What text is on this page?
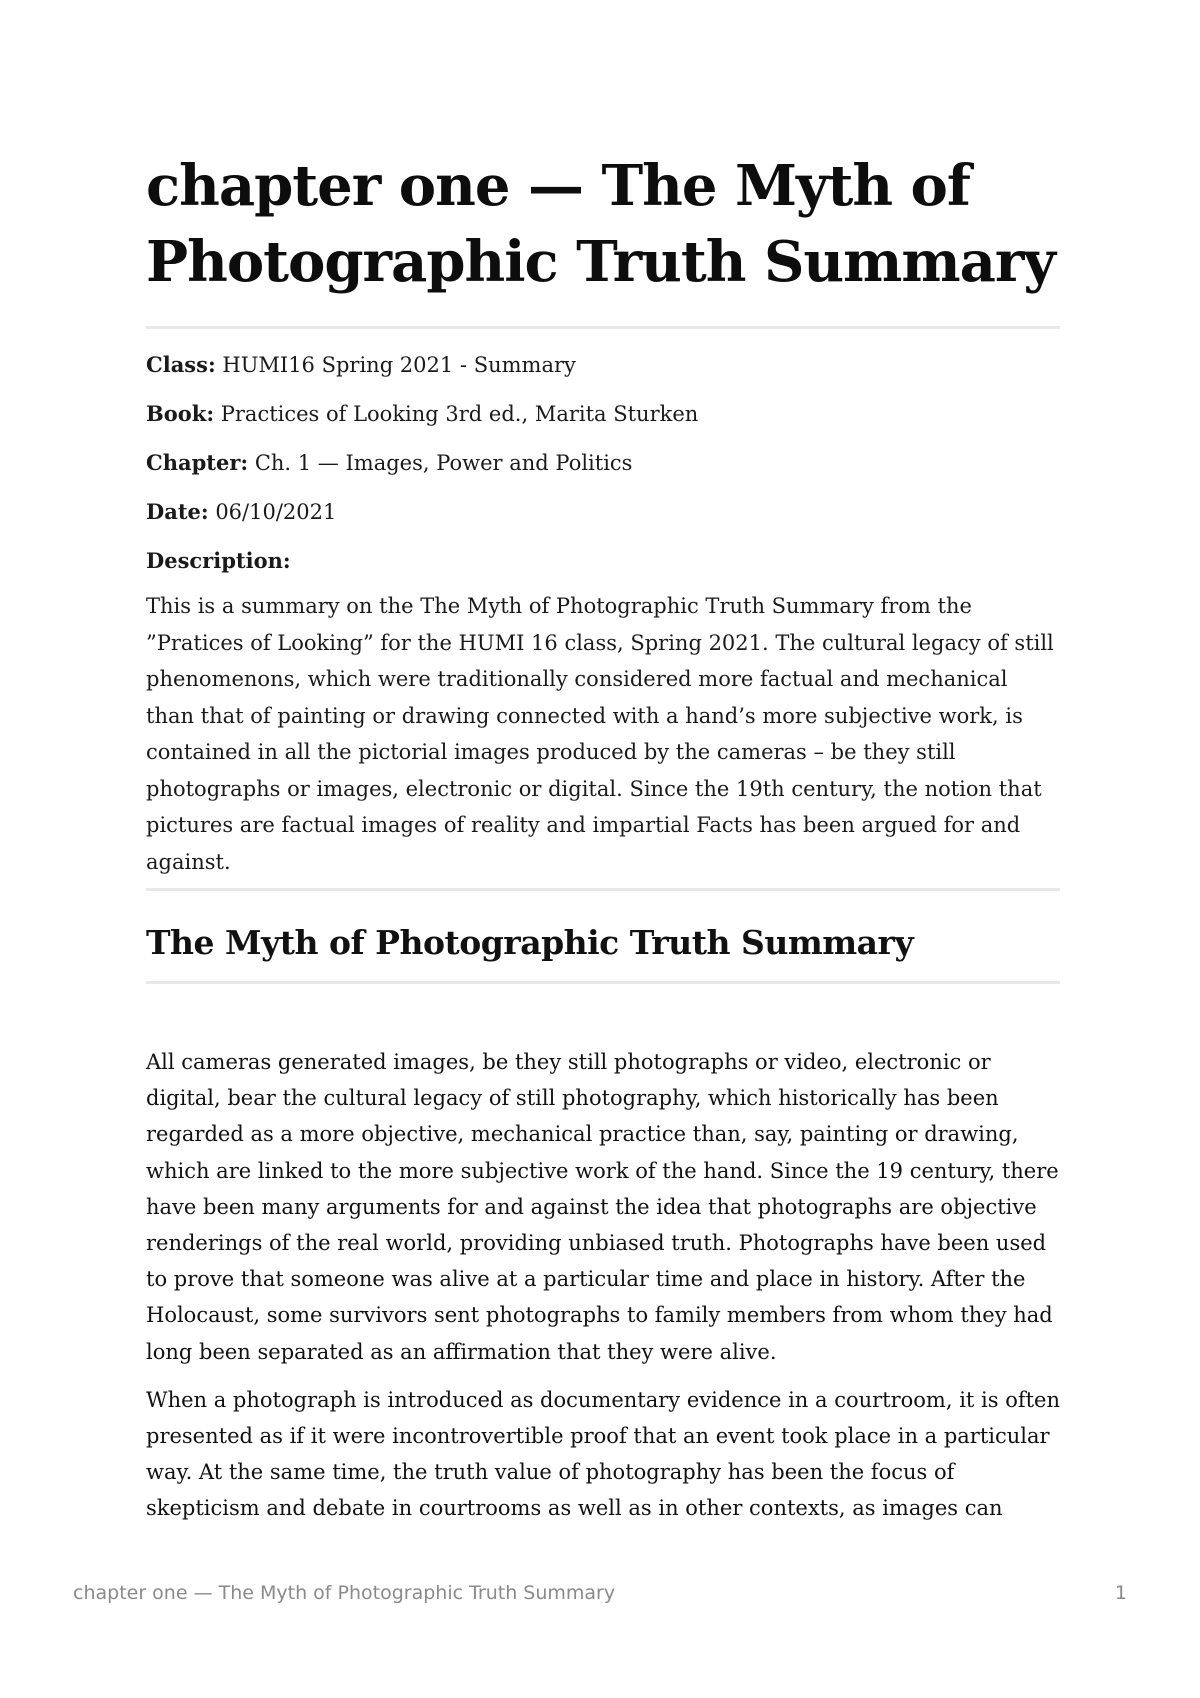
chapter one — The Myth of Photographic Truth Summary
Class: HUMI16 Spring 2021 - Summary
Book: Practices of Looking 3rd ed., Marita Sturken
Chapter: Ch. 1 — Images, Power and Politics
Date: 06/10/2021
Description:

This is a summary on the The Myth of Photographic Truth Summary from the ”Pratices of Looking” for the HUMI 16 class, Spring 2021. The cultural legacy of still phenomenons, which were traditionally considered more factual and mechanical than that of painting or drawing connected with a hand’s more subjective work, is contained in all the pictorial images produced by the cameras – be they still photographs or images, electronic or digital. Since the 19th century, the notion that pictures are factual images of reality and impartial Facts has been argued for and against.

The Myth of Photographic Truth Summary

All cameras generated images, be they still photographs or video, electronic or digital, bear the cultural legacy of still photography, which historically has been regarded as a more objective, mechanical practice than, say, painting or drawing, which are linked to the more subjective work of the hand. Since the 19 century, there have been many arguments for and against the idea that photographs are objective renderings of the real world, providing unbiased truth. Photographs have been used to prove that someone was alive at a particular time and place in history. After the Holocaust, some survivors sent photographs to family members from whom they had long been separated as an affirmation that they were alive.

When a photograph is introduced as documentary evidence in a courtroom, it is often presented as if it were incontrovertible proof that an event took place in a particular way. At the same time, the truth value of photography has been the focus of skepticism and debate in courtrooms as well as in other contexts, as images can

chapter one — The Myth of Photographic Truth Summary	1
